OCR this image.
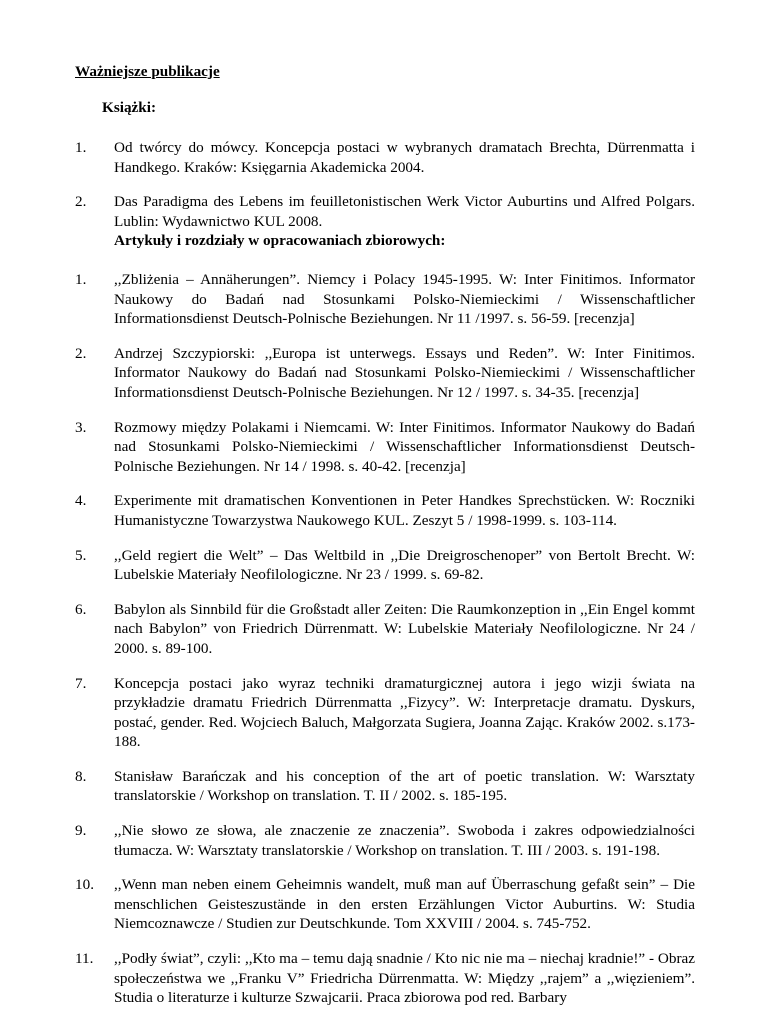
Ważniejsze publikacje

Książki:

1. Od twórcy do mówcy. Koncepcja postaci w wybranych dramatach Brechta, Dürrenmatta i Handkego. Kraków: Księgarnia Akademicka 2004.
2. Das Paradigma des Lebens im feuilletonistischen Werk Victor Auburtins und Alfred Polgars. Lublin: Wydawnictwo KUL 2008.

Artykuły i rozdziały w opracowaniach zbiorowych:

1. ,,Zbliżenia – Annäherungen”. Niemcy i Polacy 1945-1995. W: Inter Finitimos. Informator Naukowy do Badań nad Stosunkami Polsko-Niemieckimi / Wissenschaftlicher Informationsdienst Deutsch-Polnische Beziehungen. Nr 11 /1997. s. 56-59. [recenzja]
2. Andrzej Szczypiorski: ,,Europa ist unterwegs. Essays und Reden”. W: Inter Finitimos. Informator Naukowy do Badań nad Stosunkami Polsko-Niemieckimi / Wissenschaftlicher Informationsdienst Deutsch-Polnische Beziehungen. Nr 12 / 1997. s. 34-35. [recenzja]
3. Rozmowy między Polakami i Niemcami. W: Inter Finitimos. Informator Naukowy do Badań nad Stosunkami Polsko-Niemieckimi / Wissenschaftlicher Informationsdienst Deutsch-Polnische Beziehungen. Nr 14 / 1998. s. 40-42. [recenzja]
4. Experimente mit dramatischen Konventionen in Peter Handkes Sprechstücken. W: Roczniki Humanistyczne Towarzystwa Naukowego KUL. Zeszyt 5 / 1998-1999. s. 103-114.
5. ,,Geld regiert die Welt” – Das Weltbild in ,,Die Dreigroschenoper” von Bertolt Brecht. W: Lubelskie Materiały Neofilologiczne. Nr 23 / 1999. s. 69-82.
6. Babylon als Sinnbild für die Großstadt aller Zeiten: Die Raumkonzeption in ,,Ein Engel kommt nach Babylon” von Friedrich Dürrenmatt. W: Lubelskie Materiały Neofilologiczne. Nr 24 / 2000. s. 89-100.
7. Koncepcja postaci jako wyraz techniki dramaturgicznej autora i jego wizji świata na przykładzie dramatu Friedrich Dürrenmatta ,,Fizycy”. W: Interpretacje dramatu. Dyskurs, postać, gender. Red. Wojciech Baluch, Małgorzata Sugiera, Joanna Zając. Kraków 2002. s.173-188.
8. Stanisław Barańczak and his conception of the art of poetic translation. W: Warsztaty translatorskie / Workshop on translation. T. II / 2002. s. 185-195.
9. ,,Nie słowo ze słowa, ale znaczenie ze znaczenia”. Swoboda i zakres odpowiedzialności tłumacza. W: Warsztaty translatorskie / Workshop on translation. T. III / 2003. s. 191-198.
10. ,,Wenn man neben einem Geheimnis wandelt, muß man auf Überraschung gefaßt sein” – Die menschlichen Geisteszustände in den ersten Erzählungen Victor Auburtins. W: Studia Niemcoznawcze / Studien zur Deutschkunde. Tom XXVIII / 2004. s. 745-752.
11. ,,Podły świat”, czyli: ,,Kto ma – temu dają snadnie / Kto nic nie ma – niechaj kradnie!” - Obraz społeczeństwa we ,,Franku V” Friedricha Dürrenmatta. W: Między ,,rajem” a ,,więzieniem”. Studia o literaturze i kulturze Szwajcarii. Praca zbiorowa pod red. Barbary
